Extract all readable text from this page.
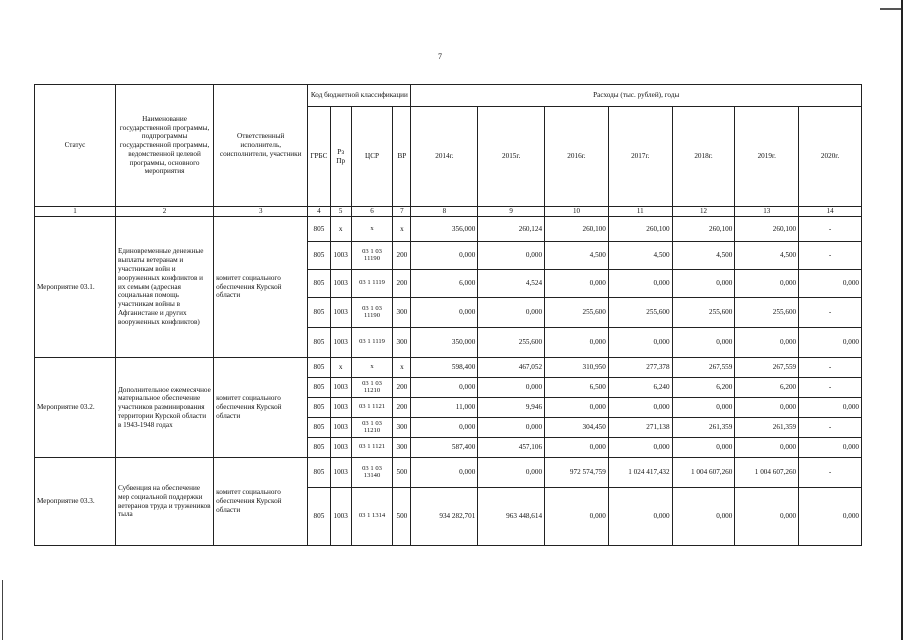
7
Статус	Наименование государственной программы, подпрограммы государственной программы, ведомственной целевой программы, основного мероприятия	Ответственный исполнитель, соисполнители, участники	Код бюджетной классификации				Расходы (тыс. рублей), годы						
			ГРБС	Рз Пр	ЦСР	ВР	2014г.	2015г.	2016г.	2017г.	2018г.	2019г.	2020г.
1	2	3	4	5	6	7	8	9	10	11	12	13	14
Мероприятие 03.1.	Единовременные денежные выплаты ветеранам и участникам войн и вооруженных конфликтов и их семьям (адресная социальная помощь участникам войны в Афганистане и других вооруженных конфликтов)	комитет социального обеспечения Курской области	805	х	х	х	356,000	260,124	260,100	260,100	260,100	260,100	-
			805	1003	03 1 03 11190	200	0,000	0,000	4,500	4,500	4,500	4,500	-
			805	1003	03 1 1119	200	6,000	4,524	0,000	0,000	0,000	0,000	0,000
			805	1003	03 1 03 11190	300	0,000	0,000	255,600	255,600	255,600	255,600	-
			805	1003	03 1 1119	300	350,000	255,600	0,000	0,000	0,000	0,000	0,000
Мероприятие 03.2.	Дополнительное ежемесячное материальное обеспечение участников разминирования территории Курской области в 1943-1948 годах	комитет социального обеспечения Курской области	805	х	х	х	598,400	467,052	310,950	277,378	267,559	267,559	-
			805	1003	03 1 03 11210	200	0,000	0,000	6,500	6,240	6,200	6,200	-
			805	1003	03 1 1121	200	11,000	9,946	0,000	0,000	0,000	0,000	0,000
			805	1003	03 1 03 11210	300	0,000	0,000	304,450	271,138	261,359	261,359	-
			805	1003	03 1 1121	300	587,400	457,106	0,000	0,000	0,000	0,000	0,000
Мероприятие 03.3.	Субвенция на обеспечение мер социальной поддержки ветеранов труда и тружеников тыла	комитет социального обеспечения Курской области	805	1003	03 1 03 13140	500	0,000	0,000	972 574,759	1 024 417,432	1 004 607,260	1 004 607,260	-
			805	1003	03 1 1314	500	934 282,701	963 448,614	0,000	0,000	0,000	0,000	0,000
